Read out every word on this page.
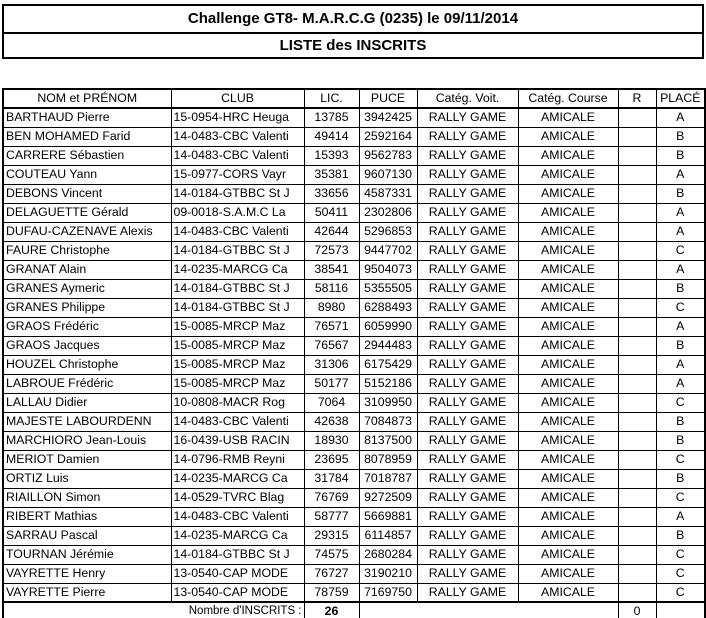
Challenge GT8- M.A.R.C.G (0235) le 09/11/2014
LISTE des INSCRITS
NOM et PRÉNOM	CLUB	LIC.	PUCE	Catég. Voit.	Catég. Course	R	PLACÉ
BARTHAUD Pierre	15-0954-HRC Heuga	13785	3942425	RALLY GAME	AMICALE		A
BEN MOHAMED Farid	14-0483-CBC Valenti	49414	2592164	RALLY GAME	AMICALE		B
CARRERE Sébastien	14-0483-CBC Valenti	15393	9562783	RALLY GAME	AMICALE		B
COUTEAU Yann	15-0977-CORS Vayr	35381	9607130	RALLY GAME	AMICALE		A
DEBONS Vincent	14-0184-GTBBC St J	33656	4587331	RALLY GAME	AMICALE		B
DELAGUETTE Gérald	09-0018-S.A.M.C La	50411	2302806	RALLY GAME	AMICALE		A
DUFAU-CAZENAVE Alexis	14-0483-CBC Valenti	42644	5296853	RALLY GAME	AMICALE		A
FAURE Christophe	14-0184-GTBBC St J	72573	9447702	RALLY GAME	AMICALE		C
GRANAT Alain	14-0235-MARCG Ca	38541	9504073	RALLY GAME	AMICALE		A
GRANES Aymeric	14-0184-GTBBC St J	58116	5355505	RALLY GAME	AMICALE		B
GRANES Philippe	14-0184-GTBBC St J	8980	6288493	RALLY GAME	AMICALE		C
GRAOS Frédéric	15-0085-MRCP Maz	76571	6059990	RALLY GAME	AMICALE		A
GRAOS Jacques	15-0085-MRCP Maz	76567	2944483	RALLY GAME	AMICALE		B
HOUZEL Christophe	15-0085-MRCP Maz	31306	6175429	RALLY GAME	AMICALE		A
LABROUE Frédéric	15-0085-MRCP Maz	50177	5152186	RALLY GAME	AMICALE		A
LALLAU Didier	10-0808-MACR Rog	7064	3109950	RALLY GAME	AMICALE		C
MAJESTE LABOURDENN	14-0483-CBC Valenti	42638	7084873	RALLY GAME	AMICALE		B
MARCHIORO Jean-Louis	16-0439-USB RACIN	18930	8137500	RALLY GAME	AMICALE		B
MERIOT Damien	14-0796-RMB Reyni	23695	8078959	RALLY GAME	AMICALE		C
ORTIZ Luis	14-0235-MARCG Ca	31784	7018787	RALLY GAME	AMICALE		B
RIAILLON Simon	14-0529-TVRC Blag	76769	9272509	RALLY GAME	AMICALE		C
RIBERT Mathias	14-0483-CBC Valenti	58777	5669881	RALLY GAME	AMICALE		A
SARRAU Pascal	14-0235-MARCG Ca	29315	6114857	RALLY GAME	AMICALE		B
TOURNAN Jérémie	14-0184-GTBBC St J	74575	2680284	RALLY GAME	AMICALE		C
VAYRETTE Henry	13-0540-CAP MODE	76727	3190210	RALLY GAME	AMICALE		C
VAYRETTE Pierre	13-0540-CAP MODE	78759	7169750	RALLY GAME	AMICALE		C
Nombre d'INSCRITS :		26				0	
